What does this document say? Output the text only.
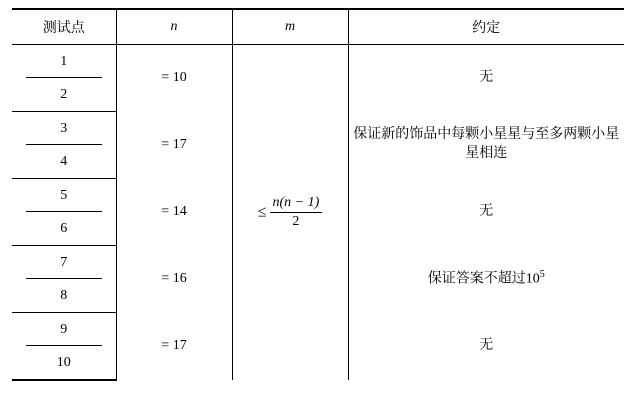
测试点	n	m	约定
1	= 10	≤ $\frac{n(n - 1)}{2}$	无
2			
3	= 17		保证新的饰品中每颗小星星与至多两颗小星星相连
4			
5	= 14		无
6			
7	= 16		保证答案不超过$10^5$
8			
9	= 17		无
10			
